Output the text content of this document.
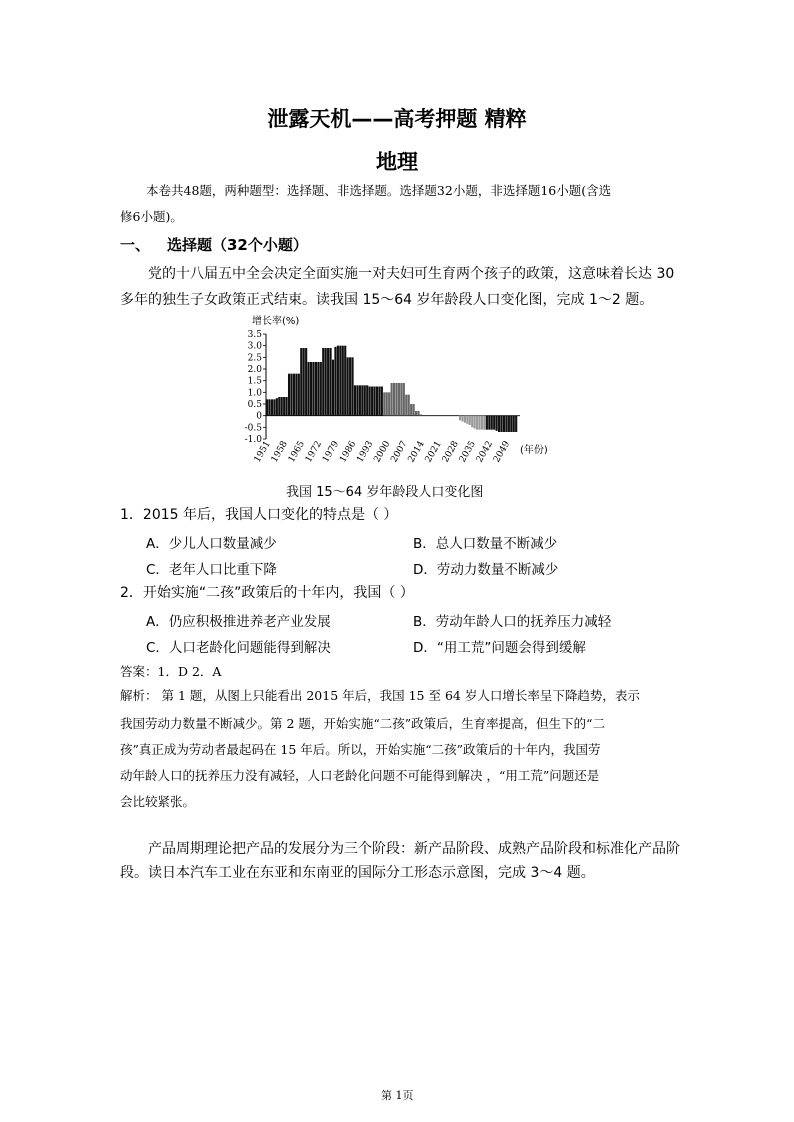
泄露天机——高考押题 精粹
地理
本卷共48题，两种题型：选择题、非选择题。选择题32小题，非选择题16小题(含选
修6小题)。
一、 选择题（32个小题）
党的十八届五中全会决定全面实施一对夫妇可生育两个孩子的政策，这意味着长达 30
多年的独生子女政策正式结束。读我国 15～64 岁年龄段人口变化图，完成 1～2 题。
增长率(%)
(年份)
3.5
3.0
2.5
2.0
1.5
1.0
0.5
0
-0.5
-1.0
1951
1958
1965
1972
1979
1986
1993
2000
2007
2014
2021
2028
2035
2042
2049
我国 15～64 岁年龄段人口变化图
1．2015 年后，我国人口变化的特点是（ ）
A．少儿人口数量减少	B．总人口数量不断减少
C．老年人口比重下降	D．劳动力数量不断减少
2．开始实施“二孩”政策后的十年内，我国（ ）
A．仍应积极推进养老产业发展	B．劳动年龄人口的抚养压力减轻
C．人口老龄化问题能得到解决	D．“用工荒”问题会得到缓解
答案：1．D 2．A
解析： 第 1 题，从图上只能看出 2015 年后，我国 15 至 64 岁人口增长率呈下降趋势，表示
我国劳动力数量不断减少。第 2 题，开始实施“二孩”政策后，生育率提高，但生下的“二
孩”真正成为劳动者最起码在 15 年后。所以，开始实施“二孩”政策后的十年内，我国劳
动年龄人口的抚养压力没有减轻，人口老龄化问题不可能得到解决 ，“用工荒”问题还是
会比较紧张。
产品周期理论把产品的发展分为三个阶段：新产品阶段、成熟产品阶段和标准化产品阶
段。读日本汽车工业在东亚和东南亚的国际分工形态示意图，完成 3～4 题。
第 1页
